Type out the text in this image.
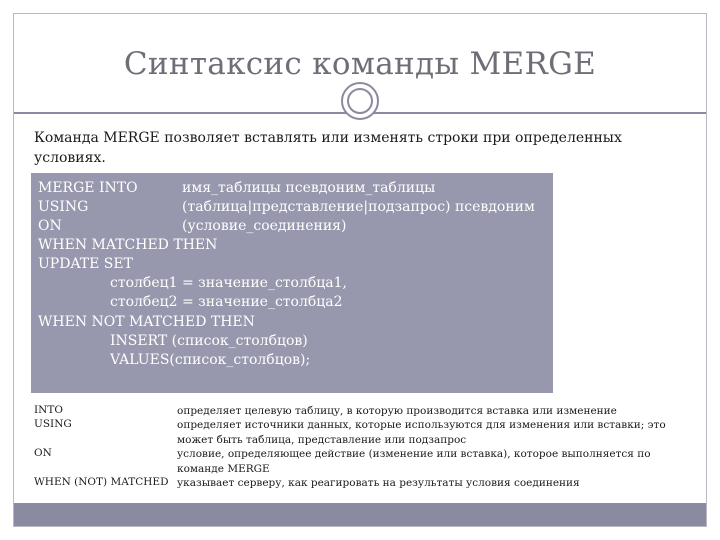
Синтаксис команды MERGE
Команда MERGE позволяет вставлять или изменять строки при определенных условиях.
MERGE INTO	имя_таблицы псевдоним_таблицы
USING	(таблица|представление|подзапрос) псевдоним
ON	(условие_соединения)
WHEN MATCHED THEN
UPDATE SET
столбец1 = значение_столбца1,
столбец2 = значение_столбца2
WHEN NOT MATCHED THEN
INSERT (список_столбцов)
VALUES(список_столбцов);
INTO	определяет целевую таблицу, в которую производится вставка или изменение
USING	определяет источники данных, которые используются для изменения или вставки; это может быть таблица, представление или подзапрос
ON	условие, определяющее действие (изменение или вставка), которое выполняется по команде MERGE
WHEN (NOT) MATCHED указывает серверу, как реагировать на результаты условия соединения
